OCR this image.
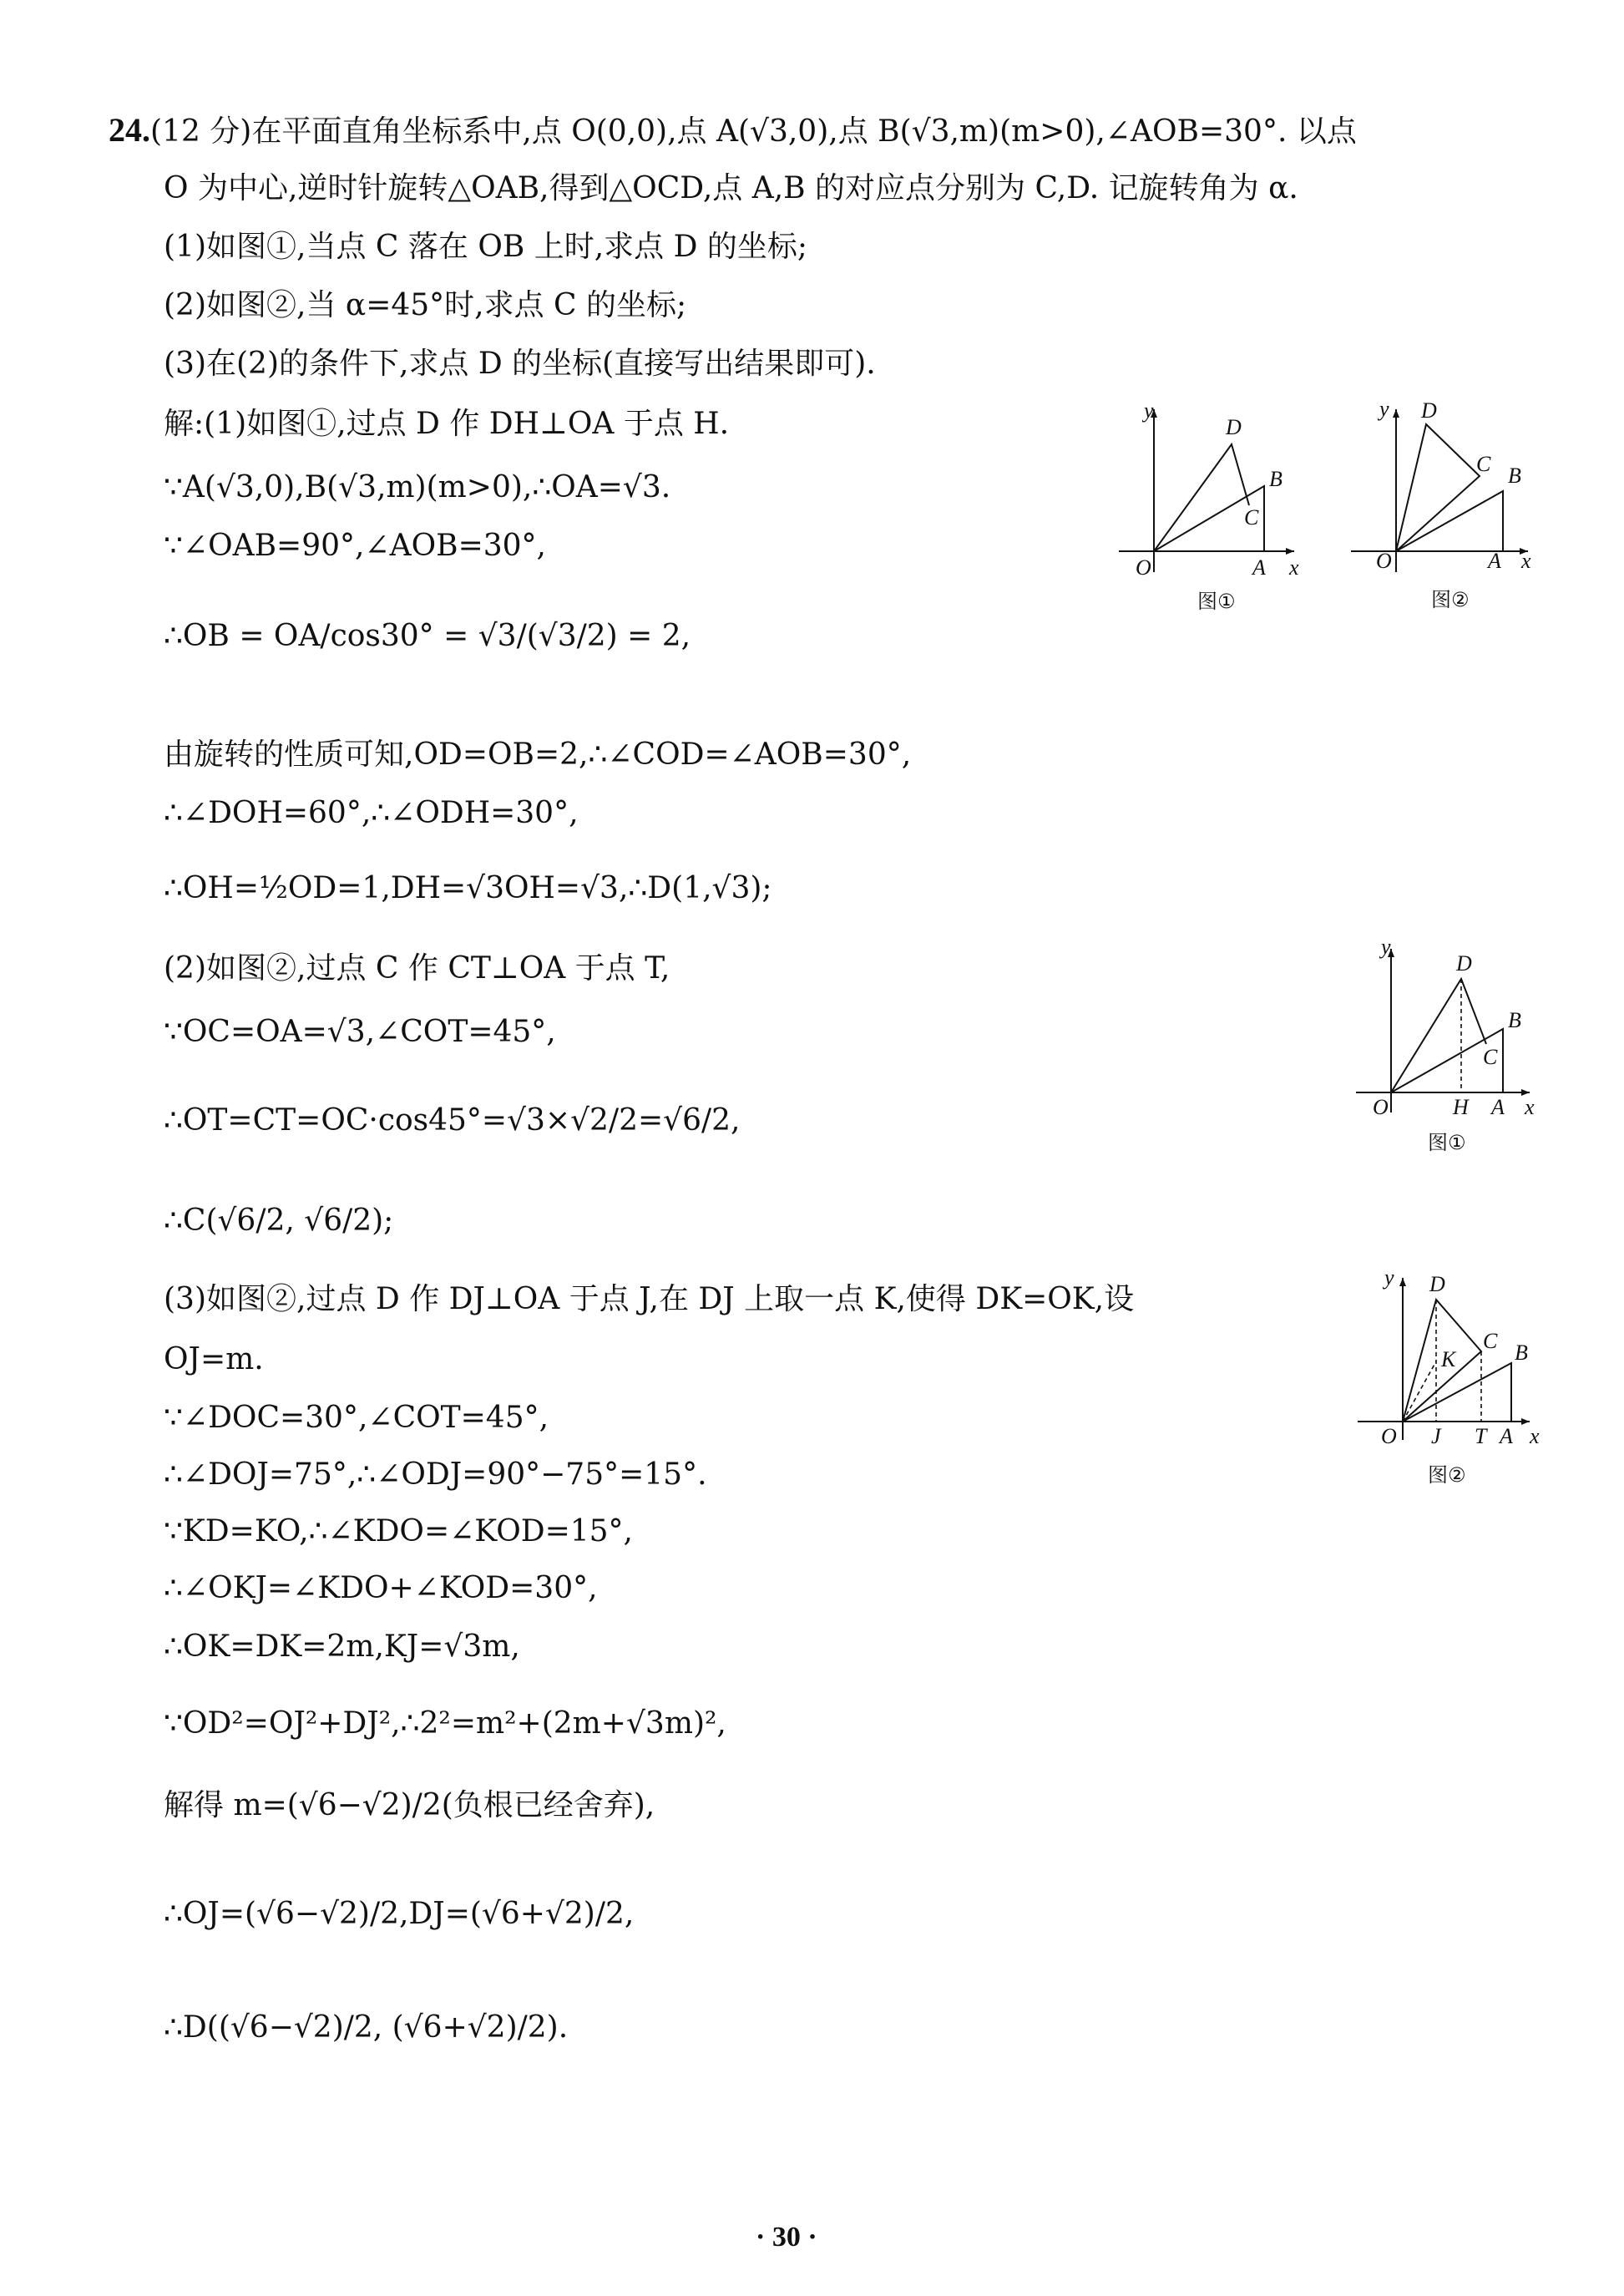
24.(12 分)在平面直角坐标系中,点 O(0,0),点 A(√3,0),点 B(√3,m)(m>0),∠AOB=30°. 以点
O 为中心,逆时针旋转△OAB,得到△OCD,点 A,B 的对应点分别为 C,D. 记旋转角为 α.
(1)如图①,当点 C 落在 OB 上时,求点 D 的坐标;
(2)如图②,当 α=45°时,求点 C 的坐标;
(3)在(2)的条件下,求点 D 的坐标(直接写出结果即可).
解:(1)如图①,过点 D 作 DH⊥OA 于点 H.
∵A(√3,0),B(√3,m)(m>0),∴OA=√3.
∵∠OAB=90°,∠AOB=30°,
∴OB = OA/cos30° = √3/(√3/2) = 2,
由旋转的性质可知,OD=OB=2,∴∠COD=∠AOB=30°,
∴∠DOH=60°,∴∠ODH=30°,
∴OH=½OD=1,DH=√3OH=√3,∴D(1,√3);
(2)如图②,过点 C 作 CT⊥OA 于点 T,
∵OC=OA=√3,∠COT=45°,
∴OT=CT=OC·cos45°=√3×√2/2=√6/2,
∴C(√6/2, √6/2);
(3)如图②,过点 D 作 DJ⊥OA 于点 J,在 DJ 上取一点 K,使得 DK=OK,设
OJ=m.
∵∠DOC=30°,∠COT=45°,
∴∠DOJ=75°,∴∠ODJ=90°−75°=15°.
∵KD=KO,∴∠KDO=∠KOD=15°,
∴∠OKJ=∠KDO+∠KOD=30°,
∴OK=DK=2m,KJ=√3m,
∵OD²=OJ²+DJ²,∴2²=m²+(2m+√3m)²,
解得 m=(√6−√2)/2(负根已经舍弃),
∴OJ=(√6−√2)/2,DJ=(√6+√2)/2,
∴D((√6−√2)/2, (√6+√2)/2).
y
O	A x
B
C
D
图①
y D
C B
O	A x
图②
y
D
B
C
O	H A x
图①
y D
K
C B
O J T A x
图②
· 30 ·
